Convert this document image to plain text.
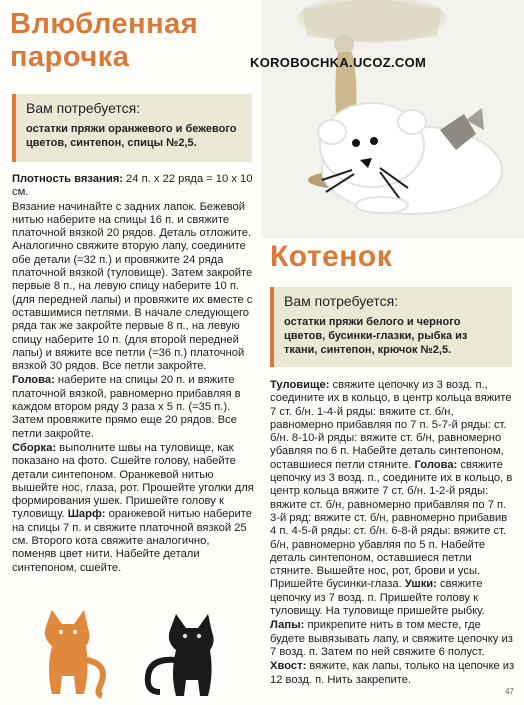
Влюбленная
парочка	KOROBOCHKA.UCOZ.COM
Вам потребуется:

остатки пряжи оранжевого и бежевого цветов, синтепон, спицы №2,5.

Плотность вязания: 24 п. х 22 ряда = 10 х 10 см.

Вязание начинайте с задних лапок. Бежевой нитью наберите на спицы 16 п. и свяжите платочной вязкой 20 рядов. Деталь отложите. Аналогично свяжите вторую лапу, соедините обе детали (=32 п.) и провяжите 24 ряда платочной вязкой (туловище). Затем закройте первые 8 п., на левую спицу наберите 10 п. (для передней лапы) и провяжите их вместе с оставшимися петлями. В начале следующего ряда так же закройте первые 8 п., на левую спицу наберите 10 п. (для второй передней лапы) и вяжите все петли (=36 п.) платочной вязкой 30 рядов. Все петли закройте.

Голова: наберите на спицы 20 п. и вяжите платочной вязкой, равномерно прибавляя в каждом втором ряду 3 раза х 5 п. (=35 п.). Затем провяжите прямо еще 20 рядов. Все петли закройте.

Сборка: выполните швы на туловище, как показано на фото. Сшейте голову, набейте детали синтепоном. Оранжевой нитью вышейте нос, глаза, рот. Прошейте уголки для формирования ушек. Пришейте голову к туловищу. Шарф: оранжевой нитью наберите на спицы 7 п. и свяжите платочной вязкой 25 см. Второго кота свяжите аналогично, поменяв цвет нити. Набейте детали синтепоном, сшейте.

Котенок
Вам потребуется:

остатки пряжи белого и черного цветов, бусинки-глазки, рыбка из ткани, синтепон, крючок №2,5.

Туловище: свяжите цепочку из 3 возд. п., соедините их в кольцо, в центр кольца вяжите 7 ст. б/н. 1-4-й ряды: вяжите ст. б/н, равномерно прибавляя по 7 п. 5-7-й ряды: ст. б/н. 8-10-й ряды: вяжите ст. б/н, равномерно убавляя по 6 п. Набейте деталь синтепоном, оставшиеся петли стяните. Голова: свяжите цепочку из 3 возд. п., соедините их в кольцо, в центр кольца вяжите 7 ст. б/н. 1-2-й ряды: вяжите ст. б/н, равномерно прибавляя по 7 п. 3-й ряд: вяжите ст. б/н, равномерно прибавив 4 п. 4-5-й ряды: ст. б/н. 6-8-й ряды: вяжите ст. б/н, равномерно убавляя по 5 п. Набейте деталь синтепоном, оставшиеся петли стяните. Вышейте нос, рот, брови и усы. Пришейте бусинки-глаза. Ушки: свяжите цепочку из 7 возд. п. Пришейте голову к туловищу. На туловище пришейте рыбку.

Лапы: прикрепите нить в том месте, где будете вывязывать лапу, и свяжите цепочку из 7 возд. п. Затем по ней свяжите 6 полуст.

Хвост: вяжите, как лапы, только на цепочке из 12 возд. п. Нить закрепите.

47
